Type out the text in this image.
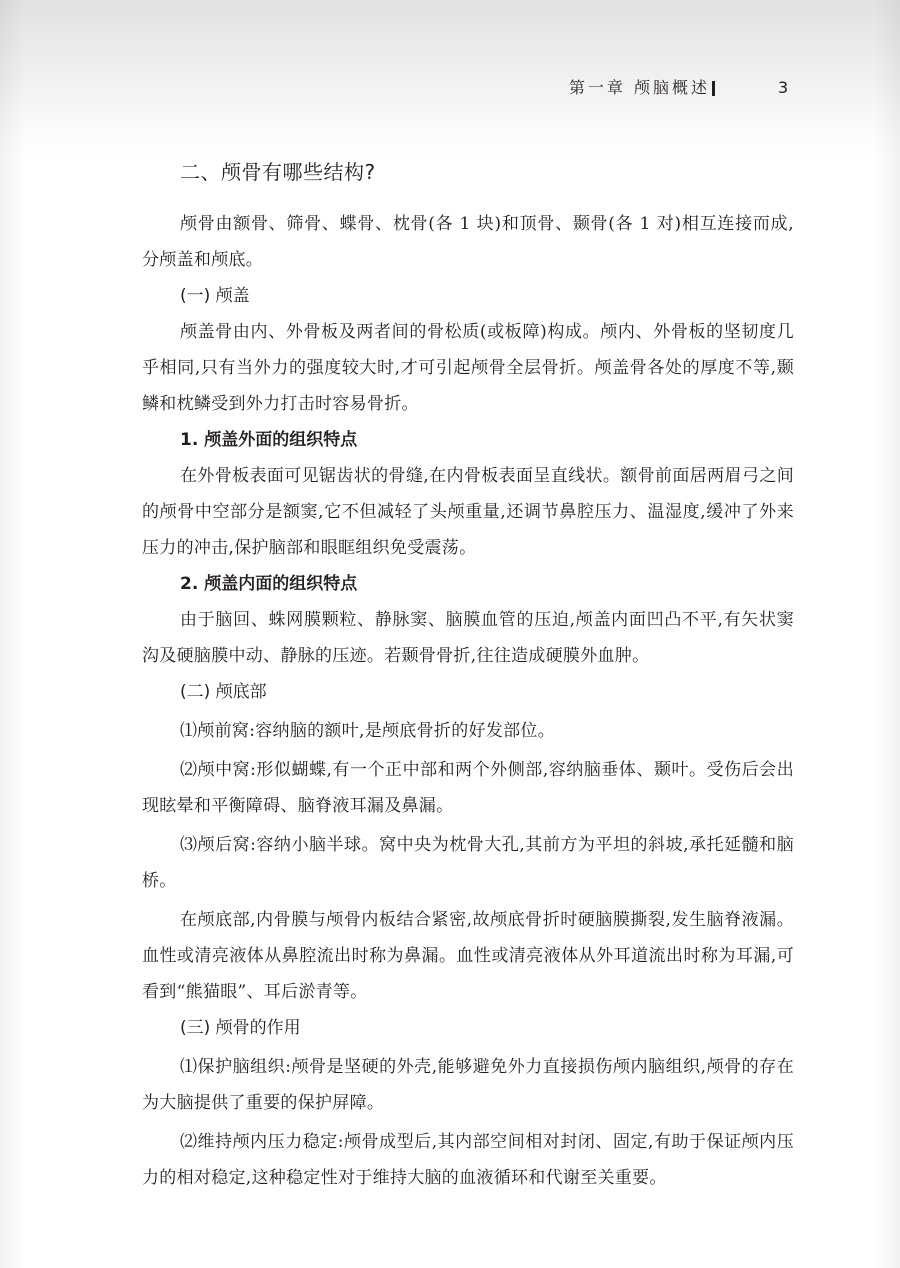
第一章 颅脑概述	3
二、颅骨有哪些结构?

颅骨由额骨、筛骨、蝶骨、枕骨(各 1 块)和顶骨、颞骨(各 1 对)相互连接而成,分颅盖和颅底。

(一) 颅盖

颅盖骨由内、外骨板及两者间的骨松质(或板障)构成。颅内、外骨板的坚韧度几乎相同,只有当外力的强度较大时,才可引起颅骨全层骨折。颅盖骨各处的厚度不等,颞鳞和枕鳞受到外力打击时容易骨折。

1. 颅盖外面的组织特点

在外骨板表面可见锯齿状的骨缝,在内骨板表面呈直线状。额骨前面居两眉弓之间的颅骨中空部分是额窦,它不但减轻了头颅重量,还调节鼻腔压力、温湿度,缓冲了外来压力的冲击,保护脑部和眼眶组织免受震荡。

2. 颅盖内面的组织特点

由于脑回、蛛网膜颗粒、静脉窦、脑膜血管的压迫,颅盖内面凹凸不平,有矢状窦沟及硬脑膜中动、静脉的压迹。若颞骨骨折,往往造成硬膜外血肿。

(二) 颅底部

⑴颅前窝:容纳脑的额叶,是颅底骨折的好发部位。

⑵颅中窝:形似蝴蝶,有一个正中部和两个外侧部,容纳脑垂体、颞叶。受伤后会出现眩晕和平衡障碍、脑脊液耳漏及鼻漏。

⑶颅后窝:容纳小脑半球。窝中央为枕骨大孔,其前方为平坦的斜坡,承托延髓和脑桥。

在颅底部,内骨膜与颅骨内板结合紧密,故颅底骨折时硬脑膜撕裂,发生脑脊液漏。血性或清亮液体从鼻腔流出时称为鼻漏。血性或清亮液体从外耳道流出时称为耳漏,可看到“熊猫眼”、耳后淤青等。

(三) 颅骨的作用

⑴保护脑组织:颅骨是坚硬的外壳,能够避免外力直接损伤颅内脑组织,颅骨的存在为大脑提供了重要的保护屏障。

⑵维持颅内压力稳定:颅骨成型后,其内部空间相对封闭、固定,有助于保证颅内压力的相对稳定,这种稳定性对于维持大脑的血液循环和代谢至关重要。
